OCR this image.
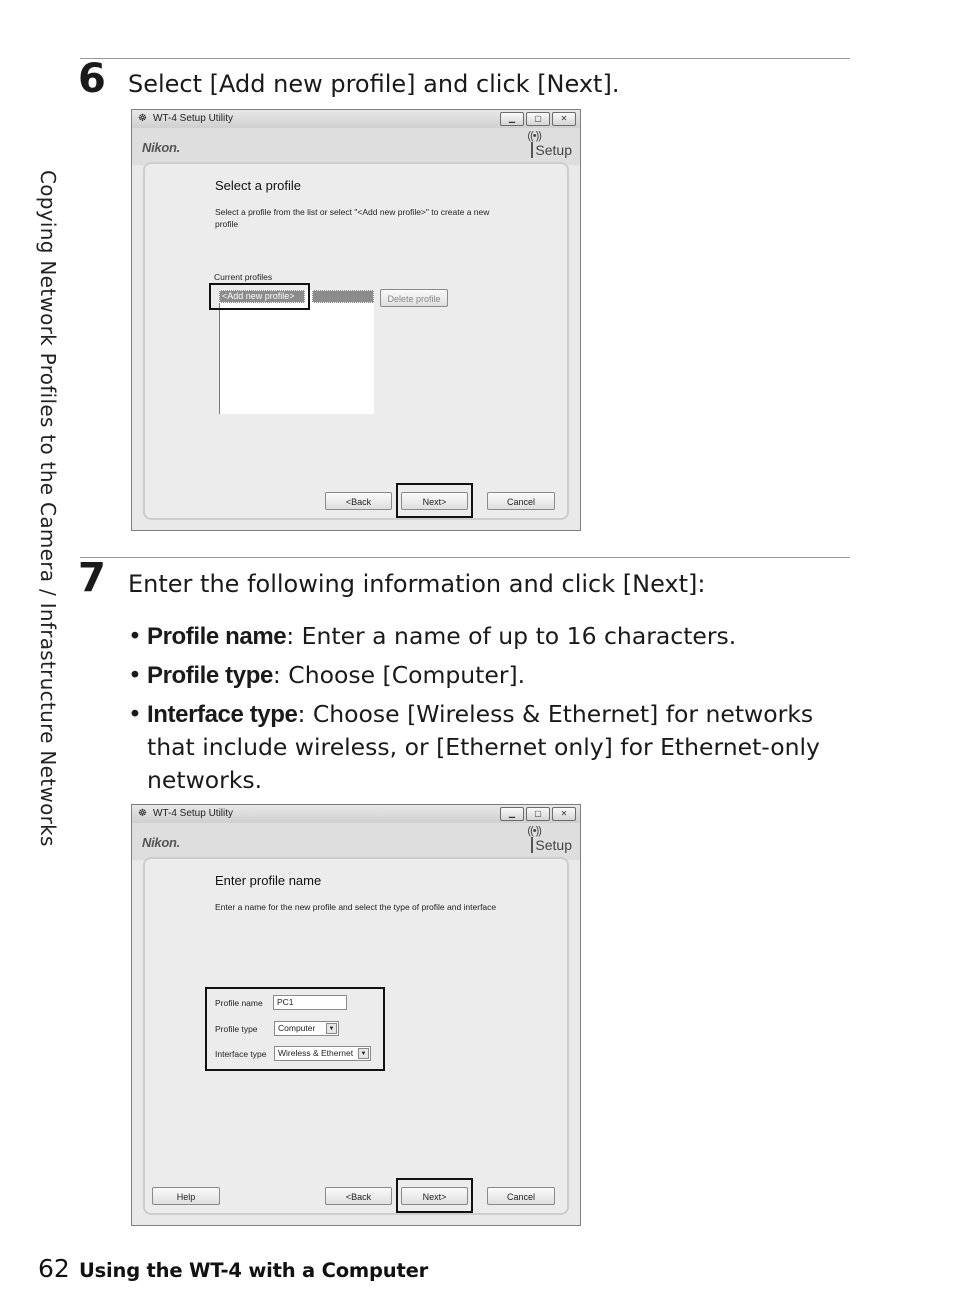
Copying Network Profiles to the Camera / Infrastructure Networks
6 Select [Add new profile] and click [Next].
☸ WT-4 Setup Utility	▁	▢	✕
Nikon.
((•))
Setup
Select a profile
Select a profile from the list or select "<Add new profile>" to create a new profile
Current profiles
<Add new profile>	Delete profile
<Back	Next>	Cancel
7 Enter the following information and click [Next]:
• Profile name: Enter a name of up to 16 characters.
• Profile type: Choose [Computer].
• Interface type: Choose [Wireless & Ethernet] for networks that include wireless, or [Ethernet only] for Ethernet-only networks.
☸ WT-4 Setup Utility	▁	▢	✕
Nikon.
((•))
Setup
Enter profile name
Enter a name for the new profile and select the type of profile and interface
Profile name	PC1
Profile type	Computer	▼
Interface type	Wireless & Ethernet	▼
Help	<Back	Next>	Cancel
62 Using the WT-4 with a Computer
